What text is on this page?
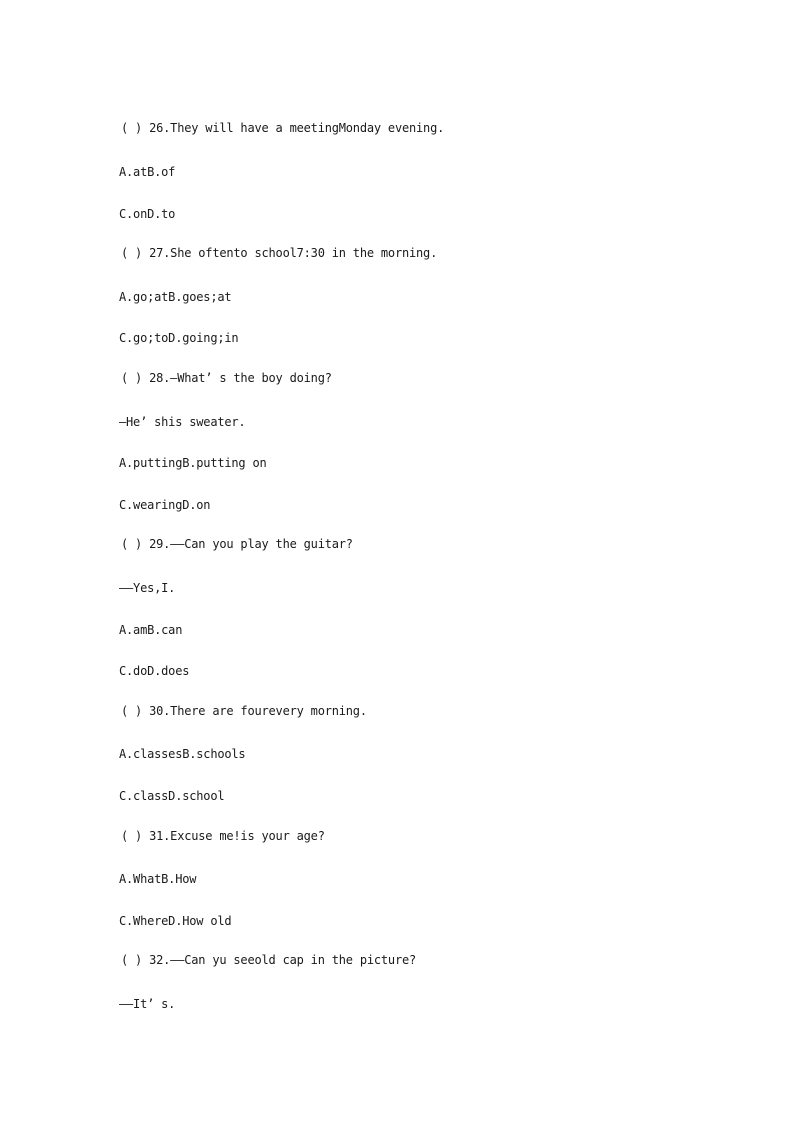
( ) 26.They will have a meetingMonday evening.
A.atB.of
C.onD.to
( ) 27.She oftento school7:30 in the morning.
A.go;atB.goes;at
C.go;toD.going;in
( ) 28.—What’ s the boy doing?
—He’ shis sweater.
A.puttingB.putting on
C.wearingD.on
( ) 29.——Can you play the guitar?
——Yes,I.
A.amB.can
C.doD.does
( ) 30.There are fourevery morning.
A.classesB.schools
C.classD.school
( ) 31.Excuse me!is your age?
A.WhatB.How
C.WhereD.How old
( ) 32.——Can yu seeold cap in the picture?
——It’ s.
